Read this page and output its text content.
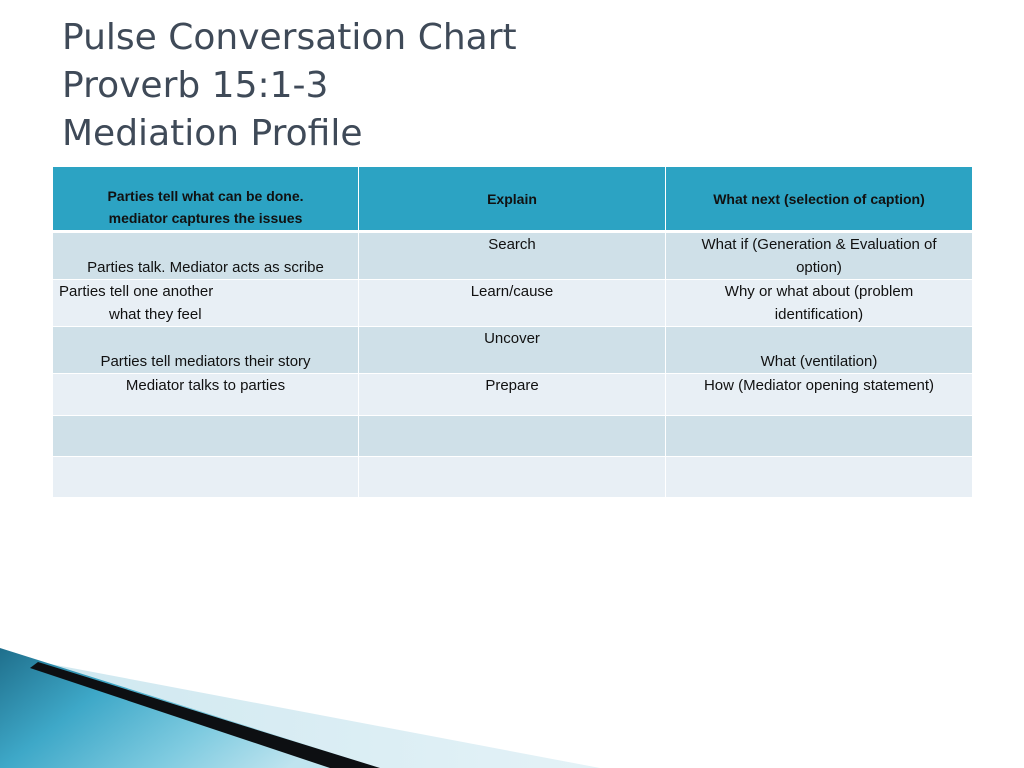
Pulse Conversation Chart
Proverb 15:1-3
Mediation Profile
Parties tell what can be done.
mediator captures the issues	Explain	What next (selection of caption)

Parties talk. Mediator acts as scribe	Search	What if (Generation & Evaluation of
option)

Parties tell one another
what they feel	Learn/cause	Why or what about (problem
identification)

Parties tell mediators their story	Uncover	What (ventilation)

Mediator talks to parties	Prepare	How (Mediator opening statement)
